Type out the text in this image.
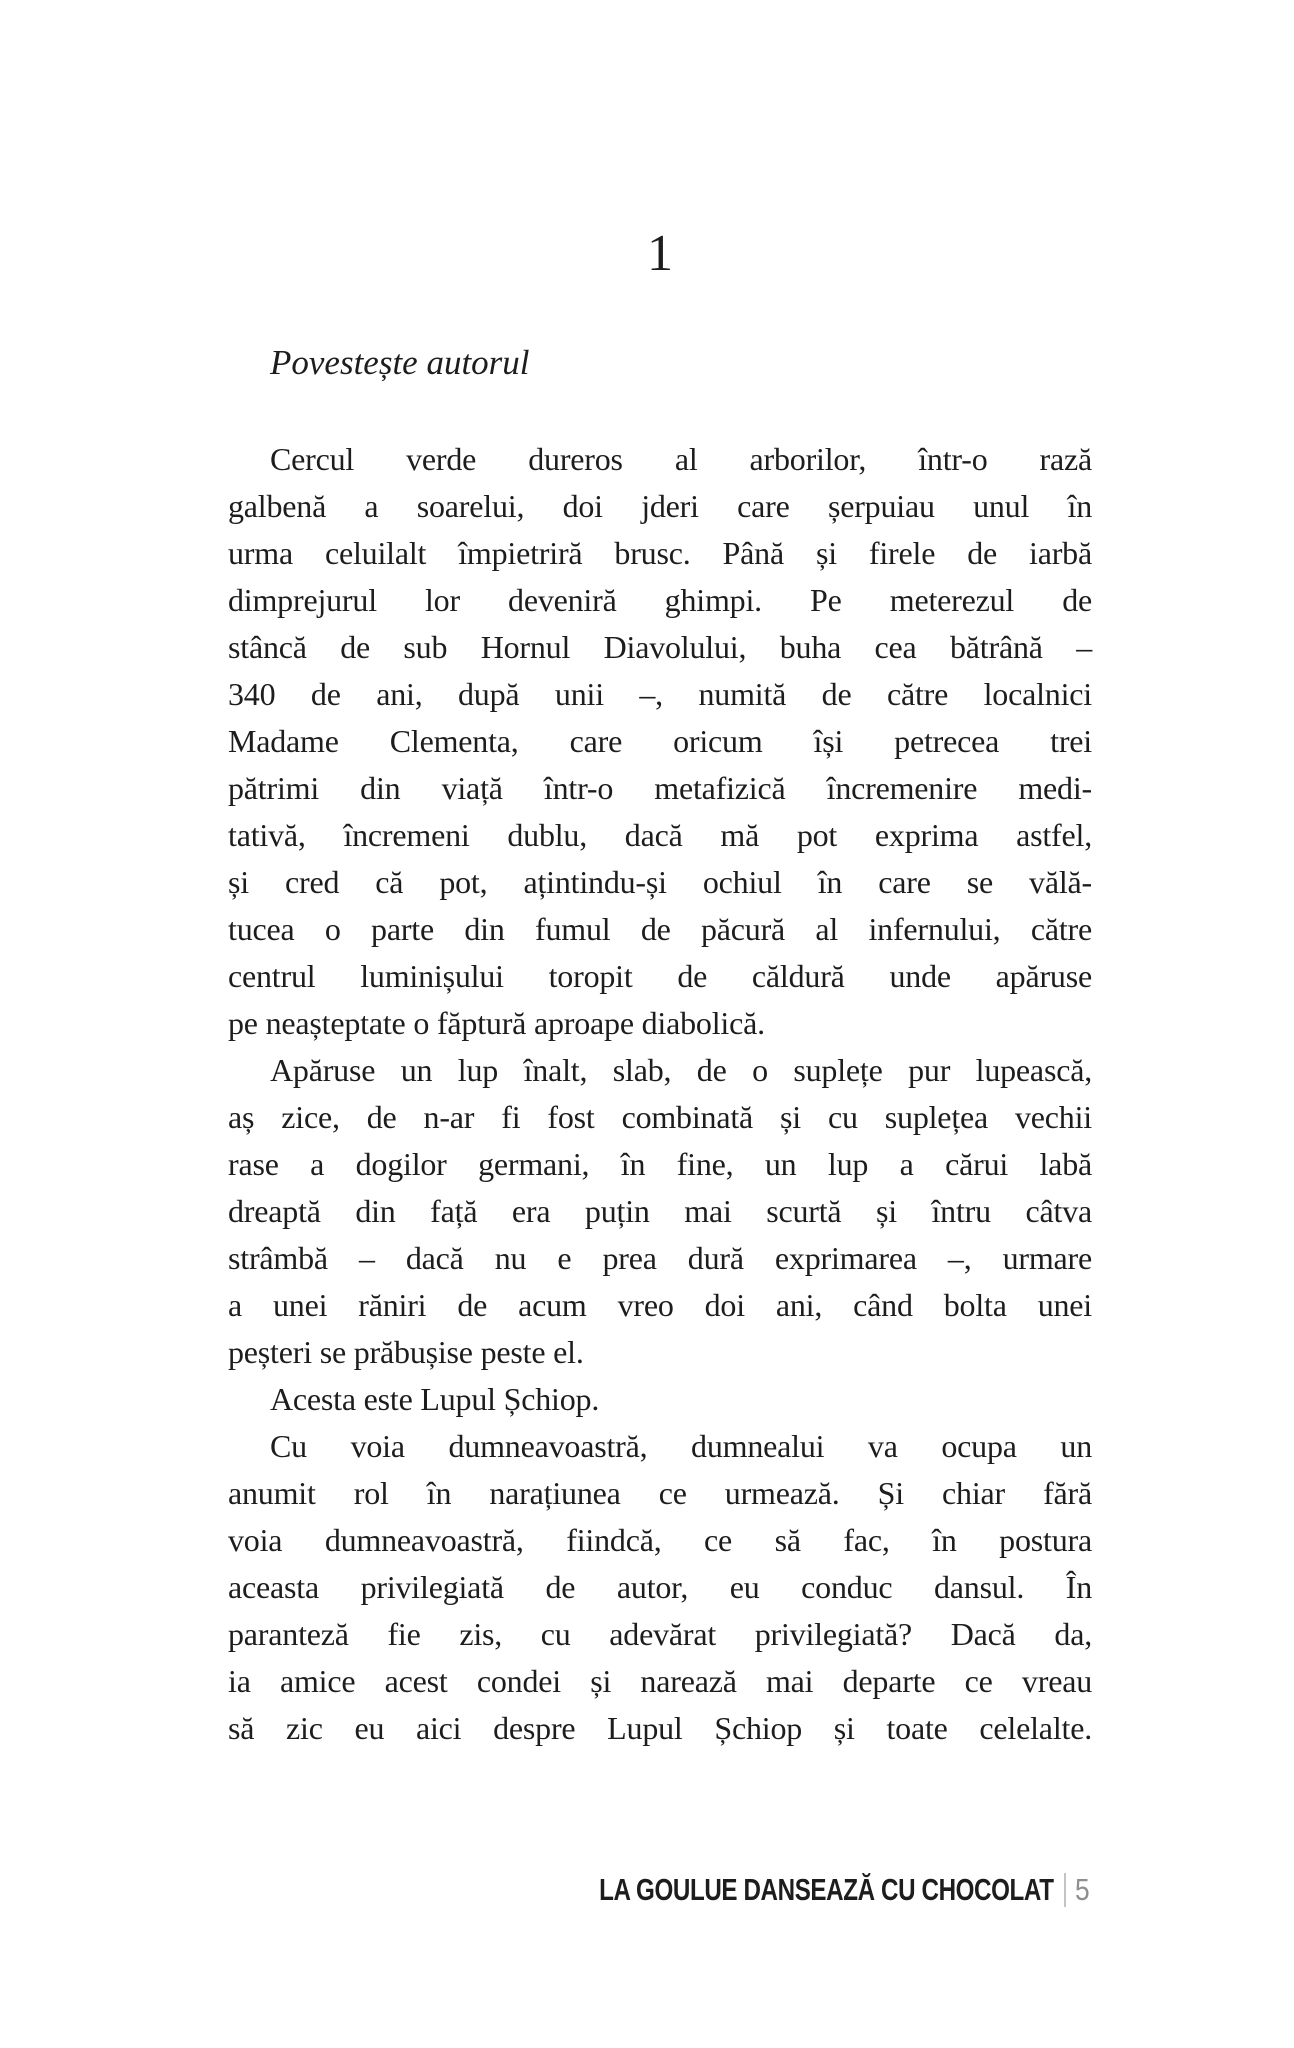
1
Povestește autorul
Cercul verde dureros al arborilor, într-o rază
galbenă a soarelui, doi jderi care șerpuiau unul în
urma celuilalt împietriră brusc. Până și firele de iarbă
dimprejurul lor deveniră ghimpi. Pe meterezul de
stâncă de sub Hornul Diavolului, buha cea bătrână –
340 de ani, după unii –, numită de către localnici
Madame Clementa, care oricum își petrecea trei
pătrimi din viață într-o metafizică încremenire medi-
tativă, încremeni dublu, dacă mă pot exprima astfel,
și cred că pot, ațintindu-și ochiul în care se vălă-
tucea o parte din fumul de păcură al infernului, către
centrul luminișului toropit de căldură unde apăruse
pe neașteptate o făptură aproape diabolică.
Apăruse un lup înalt, slab, de o suplețe pur lupească,
aș zice, de n-ar fi fost combinată și cu suplețea vechii
rase a dogilor germani, în fine, un lup a cărui labă
dreaptă din față era puțin mai scurtă și întru câtva
strâmbă – dacă nu e prea dură exprimarea –, urmare
a unei răniri de acum vreo doi ani, când bolta unei
peșteri se prăbușise peste el.
Acesta este Lupul Șchiop.
Cu voia dumneavoastră, dumnealui va ocupa un
anumit rol în narațiunea ce urmează. Și chiar fără
voia dumneavoastră, fiindcă, ce să fac, în postura
aceasta privilegiată de autor, eu conduc dansul. În
paranteză fie zis, cu adevărat privilegiată? Dacă da,
ia amice acest condei și narează mai departe ce vreau
să zic eu aici despre Lupul Șchiop și toate celelalte.
LA GOULUE DANSEAZĂ CU CHOCOLAT 5
